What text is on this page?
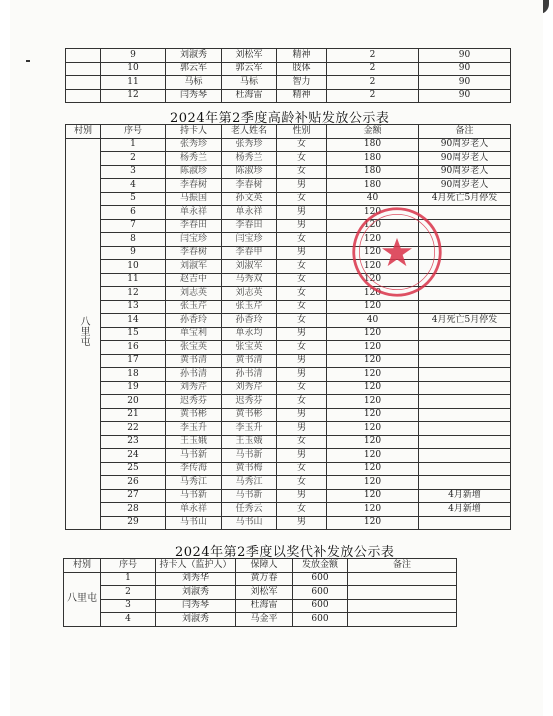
	9	刘淑秀	刘松军	精神	2	90
	10	郭云军	郭云军	肢体	2	90
	11	马标	马标	智力	2	90
	12	闫秀琴	杜海雷	精神	2	90
2024年第2季度高龄补贴发放公示表
村别	序号	持卡人	老人姓名	性别	金额	备注
八里屯	1	张秀珍	张秀珍	女	180	90周岁老人
	2	杨秀兰	杨秀兰	女	180	90周岁老人
	3	陈淑珍	陈淑珍	女	180	90周岁老人
	4	李春树	李春树	男	180	90周岁老人
	5	马振国	孙文英	女	40	4月死亡5月停发
	6	单永祥	单永祥	男	120	
	7	李春田	李春田	男	120	
	8	闫宝珍	闫宝珍	女	120	
	9	李春树	李春甲	男	120	
	10	刘淑军	刘淑军	女	120	
	11	赵吉中	马秀双	女	120	
	12	刘志英	刘志英	女	120	
	13	张玉芹	张玉芹	女	120	
	14	孙香玲	孙香玲	女	40	4月死亡5月停发
	15	单宝利	单永均	男	120	
	16	张宝英	张宝英	女	120	
	17	黄书清	黄书清	男	120	
	18	孙书清	孙书清	男	120	
	19	刘秀芹	刘秀芹	女	120	
	20	迟秀芬	迟秀芬	女	120	
	21	黄书彬	黄书彬	男	120	
	22	李玉升	李玉升	男	120	
	23	王玉娥	王玉娥	女	120	
	24	马书新	马书新	男	120	
	25	李传海	黄书梅	女	120	
	26	马秀江	马秀江	女	120	
	27	马书新	马书新	男	120	4月新增
	28	单永祥	任秀云	女	120	4月新增
	29	马书山	马书山	男	120	
2024年第2季度以奖代补发放公示表
村别	序号	持卡人（监护人）	保障人	发放金额	备注
八里屯	1	刘秀华	黄万春	600	
	2	刘淑秀	刘松军	600	
	3	闫秀琴	杜海雷	600	
	4	刘淑秀	马金平	600	
